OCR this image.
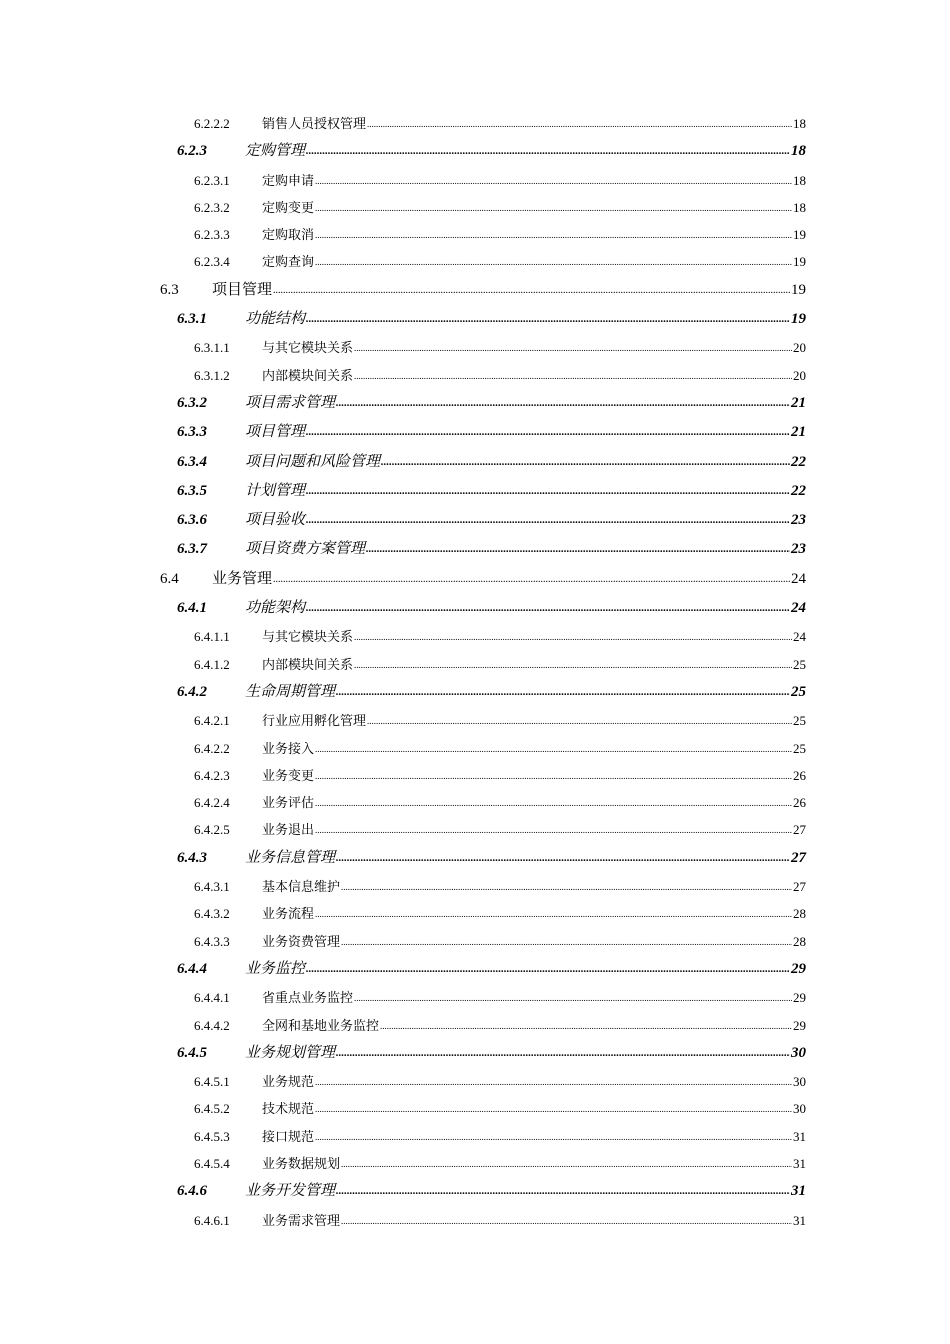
6.2.2.2	销售人员授权管理 .....	18
6.2.3	定购管理 .....	18
6.2.3.1	定购申请 .....	18
6.2.3.2	定购变更 .....	18
6.2.3.3	定购取消 .....	19
6.2.3.4	定购查询 .....	19
6.3	项目管理 .....	19
6.3.1	功能结构 .....	19
6.3.1.1	与其它模块关系 .....	20
6.3.1.2	内部模块间关系 .....	20
6.3.2	项目需求管理 .....	21
6.3.3	项目管理 .....	21
6.3.4	项目问题和风险管理 .....	22
6.3.5	计划管理 .....	22
6.3.6	项目验收 .....	23
6.3.7	项目资费方案管理 .....	23
6.4	业务管理 .....	24
6.4.1	功能架构 .....	24
6.4.1.1	与其它模块关系 .....	24
6.4.1.2	内部模块间关系 .....	25
6.4.2	生命周期管理 .....	25
6.4.2.1	行业应用孵化管理 .....	25
6.4.2.2	业务接入 .....	25
6.4.2.3	业务变更 .....	26
6.4.2.4	业务评估 .....	26
6.4.2.5	业务退出 .....	27
6.4.3	业务信息管理 .....	27
6.4.3.1	基本信息维护 .....	27
6.4.3.2	业务流程 .....	28
6.4.3.3	业务资费管理 .....	28
6.4.4	业务监控 .....	29
6.4.4.1	省重点业务监控 .....	29
6.4.4.2	全网和基地业务监控 .....	29
6.4.5	业务规划管理 .....	30
6.4.5.1	业务规范 .....	30
6.4.5.2	技术规范 .....	30
6.4.5.3	接口规范 .....	31
6.4.5.4	业务数据规划 .....	31
6.4.6	业务开发管理 .....	31
6.4.6.1	业务需求管理 .....	31
